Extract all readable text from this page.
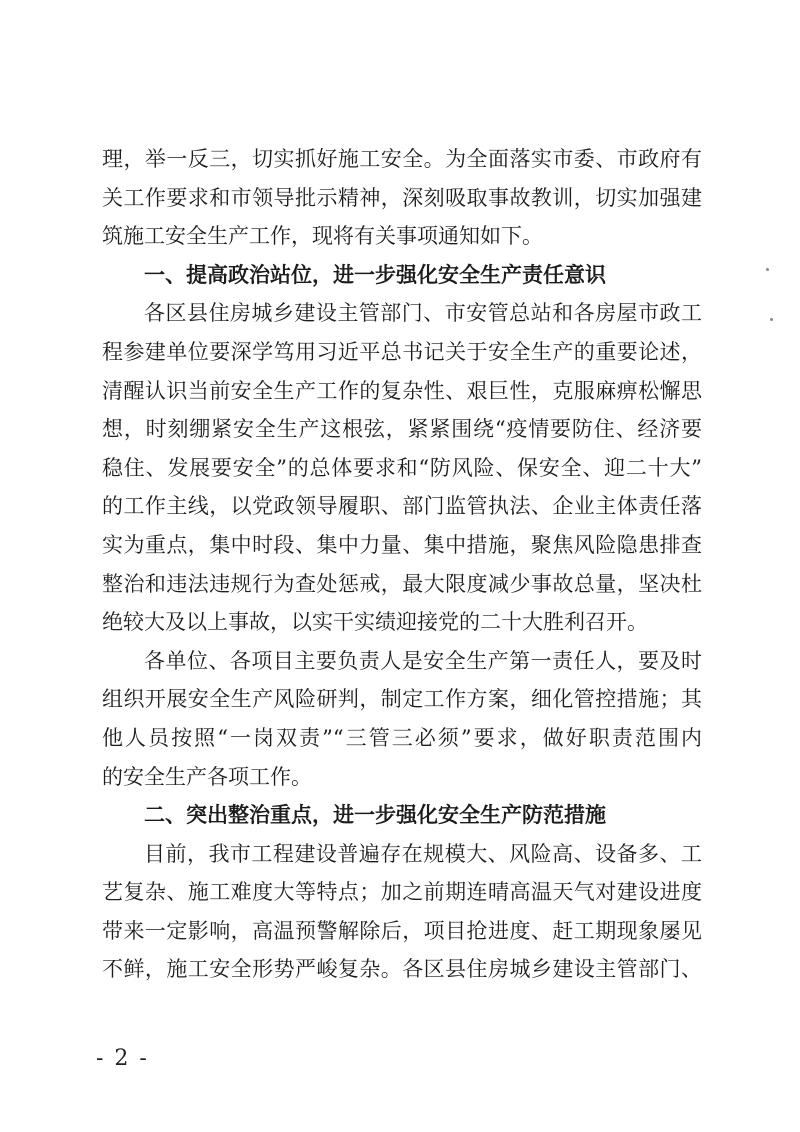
理，举一反三，切实抓好施工安全。为全面落实市委、市政府有
关工作要求和市领导批示精神，深刻吸取事故教训，切实加强建
筑施工安全生产工作，现将有关事项通知如下。
一、提高政治站位，进一步强化安全生产责任意识
各区县住房城乡建设主管部门、市安管总站和各房屋市政工
程参建单位要深学笃用习近平总书记关于安全生产的重要论述，
清醒认识当前安全生产工作的复杂性、艰巨性，克服麻痹松懈思
想，时刻绷紧安全生产这根弦，紧紧围绕“疫情要防住、经济要
稳住、发展要安全”的总体要求和“防风险、保安全、迎二十大”
的工作主线，以党政领导履职、部门监管执法、企业主体责任落
实为重点，集中时段、集中力量、集中措施，聚焦风险隐患排查
整治和违法违规行为查处惩戒，最大限度减少事故总量，坚决杜
绝较大及以上事故，以实干实绩迎接党的二十大胜利召开。
各单位、各项目主要负责人是安全生产第一责任人，要及时
组织开展安全生产风险研判，制定工作方案，细化管控措施；其
他人员按照“一岗双责”“三管三必须”要求，做好职责范围内
的安全生产各项工作。
二、突出整治重点，进一步强化安全生产防范措施
目前，我市工程建设普遍存在规模大、风险高、设备多、工
艺复杂、施工难度大等特点；加之前期连晴高温天气对建设进度
带来一定影响，高温预警解除后，项目抢进度、赶工期现象屡见
不鲜，施工安全形势严峻复杂。各区县住房城乡建设主管部门、
- 2 -
